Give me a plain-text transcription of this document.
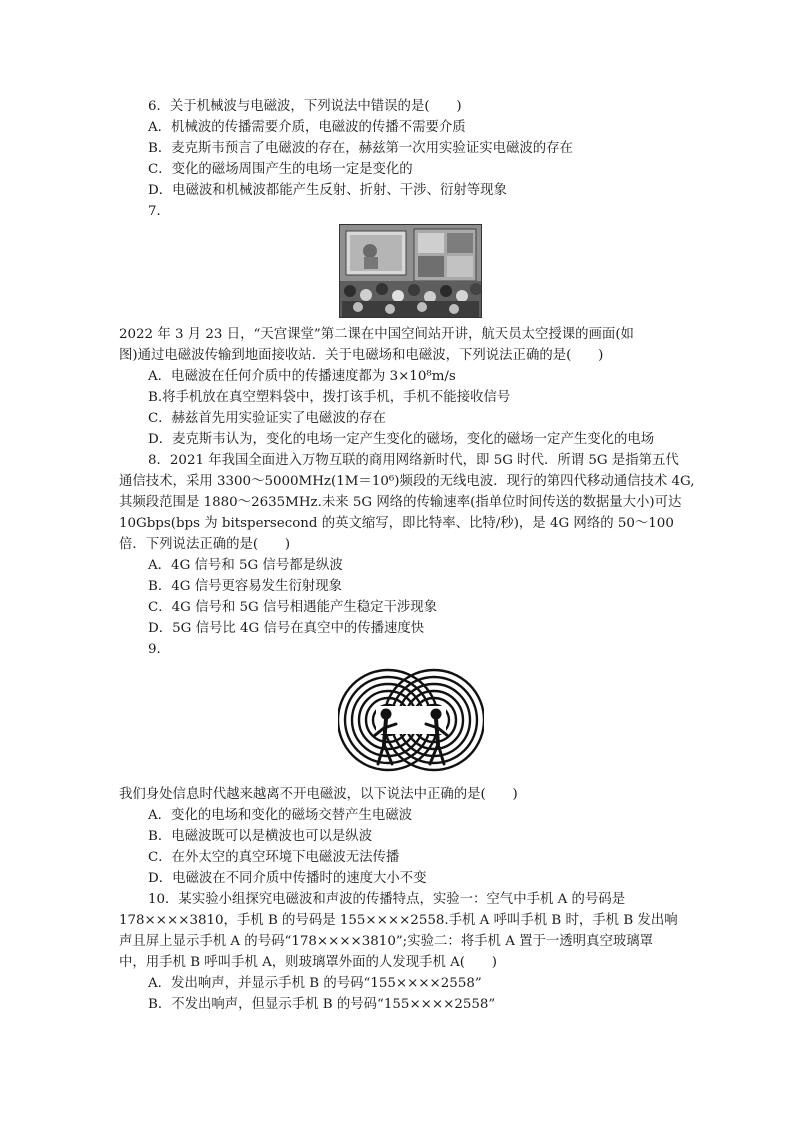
6．关于机械波与电磁波，下列说法中错误的是(　　)
A．机械波的传播需要介质，电磁波的传播不需要介质
B．麦克斯韦预言了电磁波的存在，赫兹第一次用实验证实电磁波的存在
C．变化的磁场周围产生的电场一定是变化的
D．电磁波和机械波都能产生反射、折射、干涉、衍射等现象
7．
2022 年 3 月 23 日，“天宫课堂”第二课在中国空间站开讲，航天员太空授课的画面(如
图)通过电磁波传输到地面接收站．关于电磁场和电磁波，下列说法正确的是(　　)
A．电磁波在任何介质中的传播速度都为 3×10⁸m/s
B.将手机放在真空塑料袋中，拨打该手机，手机不能接收信号
C．赫兹首先用实验证实了电磁波的存在
D．麦克斯韦认为，变化的电场一定产生变化的磁场，变化的磁场一定产生变化的电场
8．2021 年我国全面进入万物互联的商用网络新时代，即 5G 时代．所谓 5G 是指第五代
通信技术，采用 3300～5000MHz(1M＝10⁶)频段的无线电波．现行的第四代移动通信技术 4G,
其频段范围是 1880～2635MHz.未来 5G 网络的传输速率(指单位时间传送的数据量大小)可达
10Gbps(bps 为 bitspersecond 的英文缩写，即比特率、比特/秒)，是 4G 网络的 50～100
倍．下列说法正确的是(　　)
A．4G 信号和 5G 信号都是纵波
B．4G 信号更容易发生衍射现象
C．4G 信号和 5G 信号相遇能产生稳定干涉现象
D．5G 信号比 4G 信号在真空中的传播速度快
9．
我们身处信息时代越来越离不开电磁波，以下说法中正确的是(　　)
A．变化的电场和变化的磁场交替产生电磁波
B．电磁波既可以是横波也可以是纵波
C．在外太空的真空环境下电磁波无法传播
D．电磁波在不同介质中传播时的速度大小不变
10．某实验小组探究电磁波和声波的传播特点，实验一：空气中手机 A 的号码是
178××××3810，手机 B 的号码是 155××××2558.手机 A 呼叫手机 B 时，手机 B 发出响
声且屏上显示手机 A 的号码“178××××3810”;实验二：将手机 A 置于一透明真空玻璃罩
中，用手机 B 呼叫手机 A，则玻璃罩外面的人发现手机 A(　　)
A．发出响声，并显示手机 B 的号码“155××××2558”
B．不发出响声，但显示手机 B 的号码“155××××2558”
